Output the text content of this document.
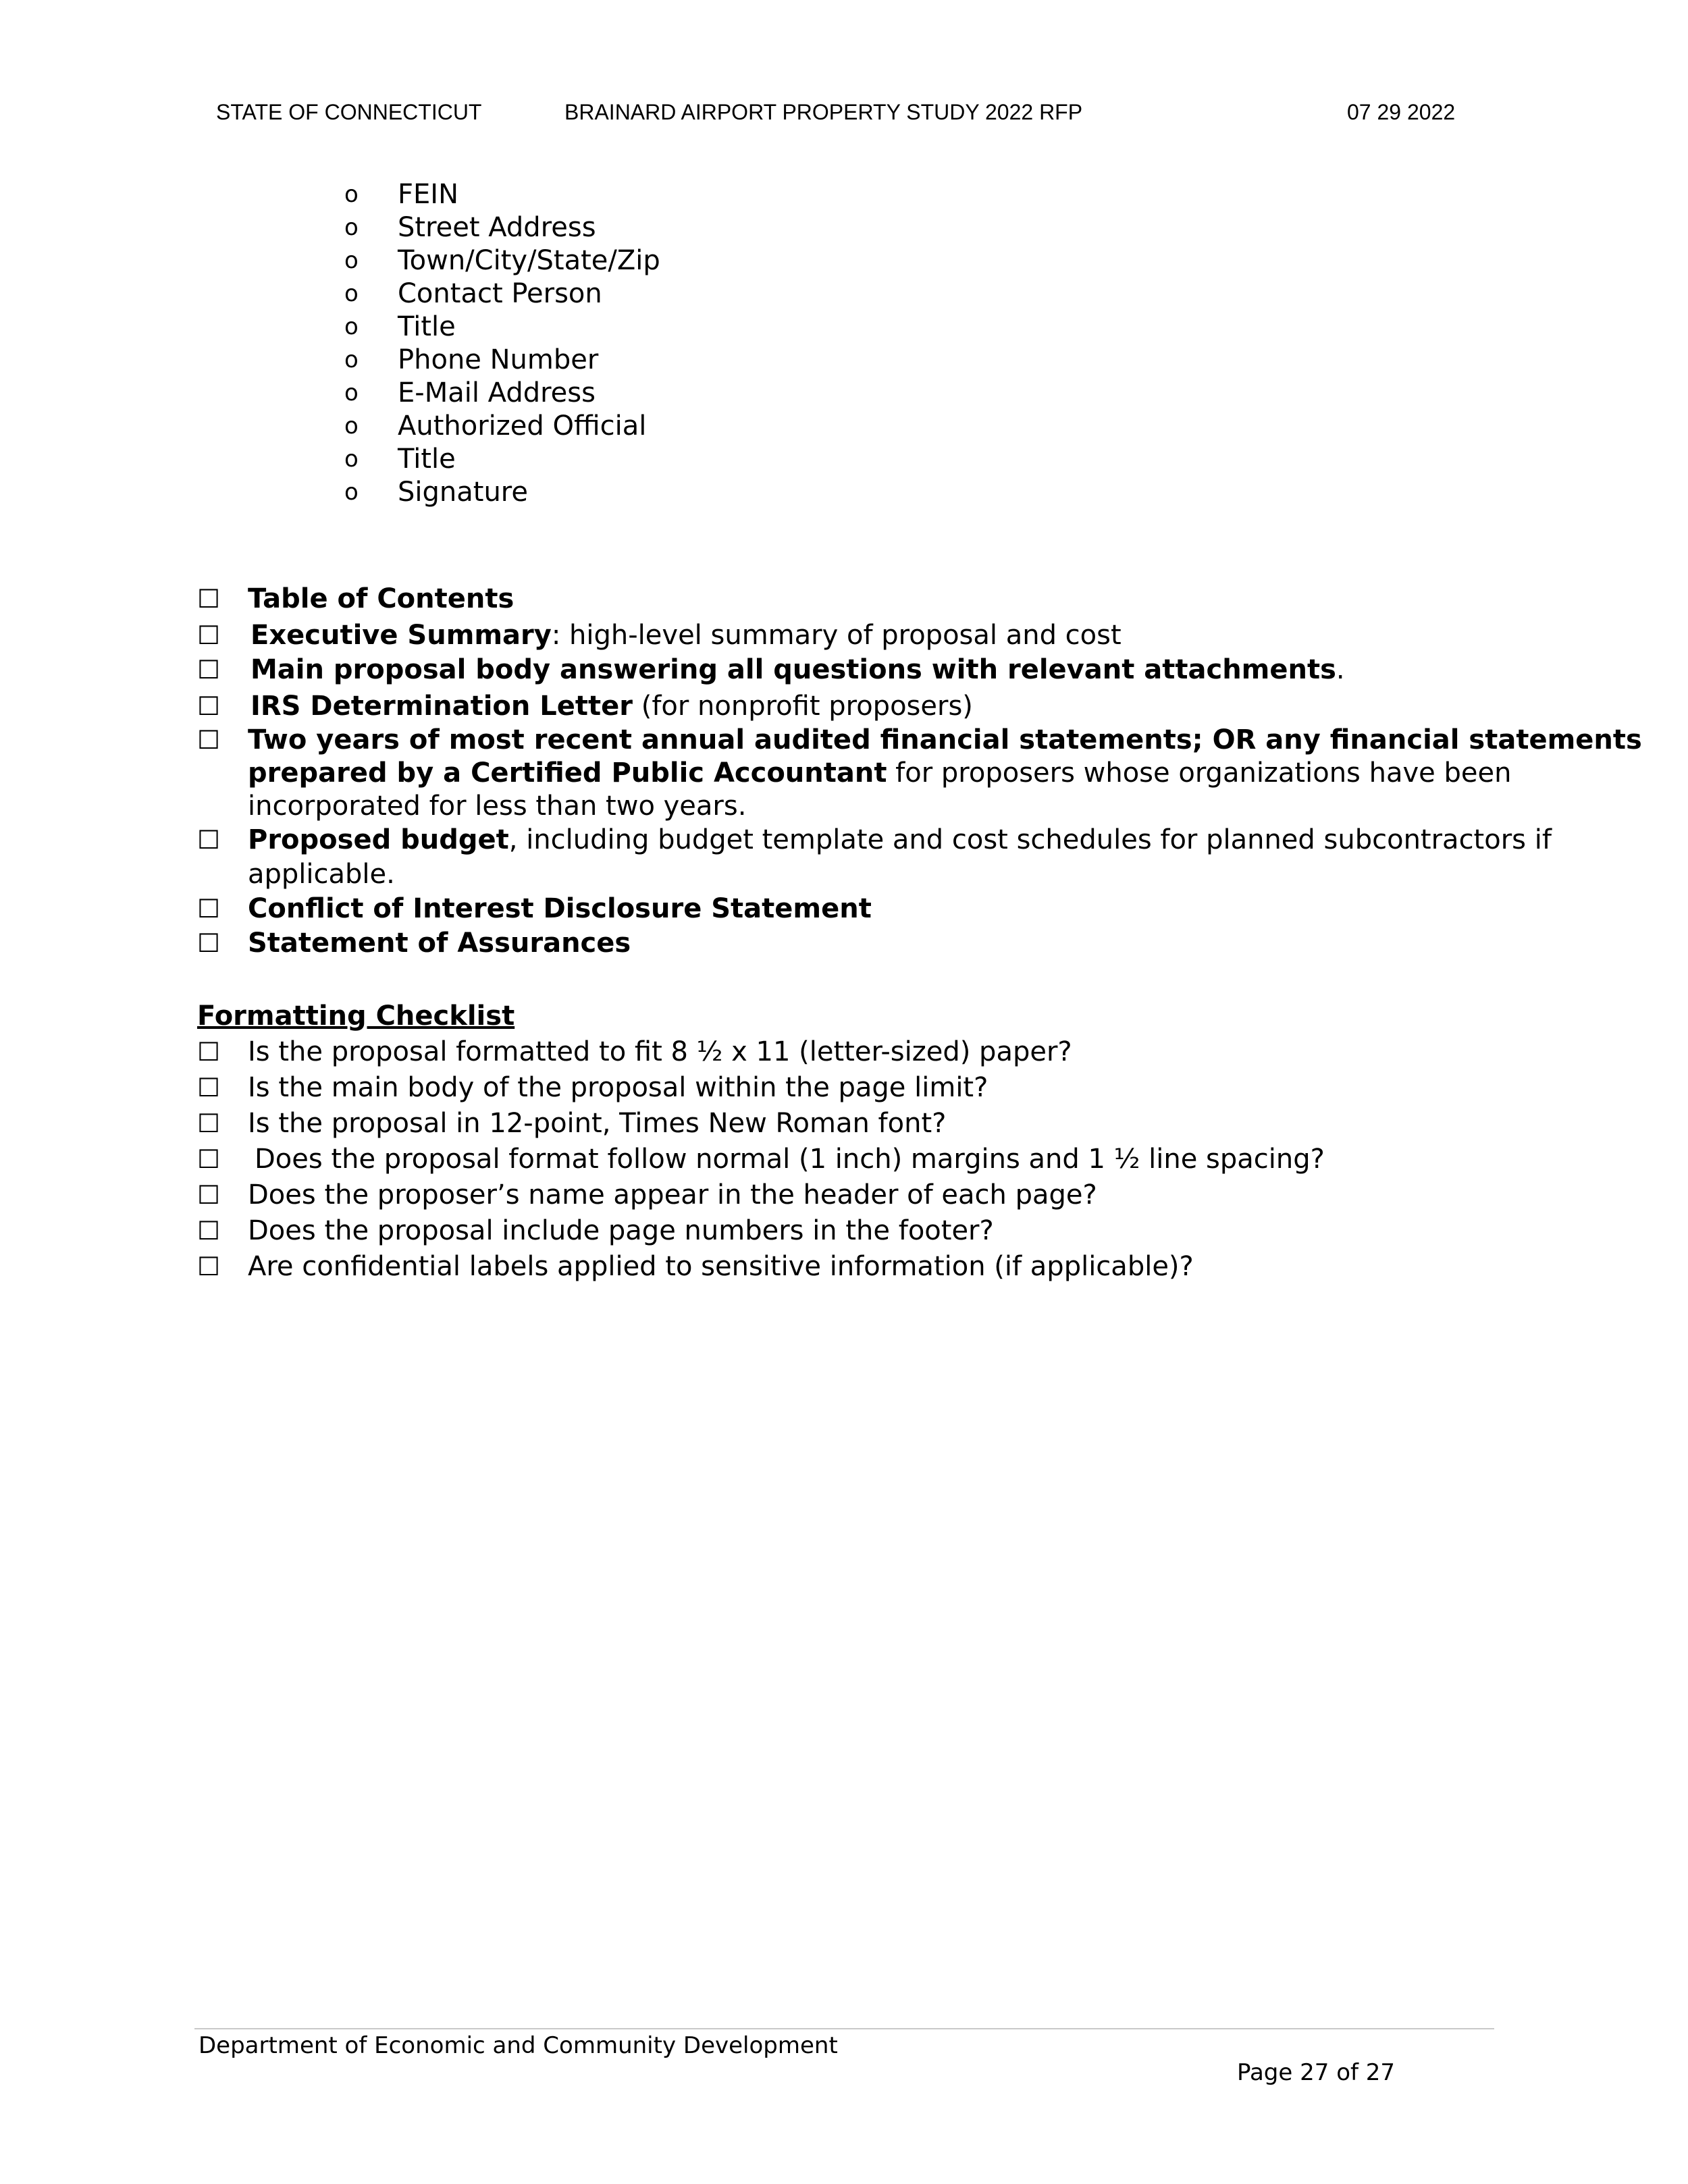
STATE OF CONNECTICUT	BRAINARD AIRPORT PROPERTY STUDY 2022 RFP	07 29 2022
o FEIN
o Street Address
o Town/City/State/Zip
o Contact Person
o Title
o Phone Number
o E-Mail Address
o Authorized Official
o Title
o Signature
☐ Table of Contents
☐ Executive Summary: high-level summary of proposal and cost
☐ Main proposal body answering all questions with relevant attachments.
☐ IRS Determination Letter (for nonprofit proposers)
☐ Two years of most recent annual audited financial statements; OR any financial statements prepared by a Certified Public Accountant for proposers whose organizations have been incorporated for less than two years.
☐ Proposed budget, including budget template and cost schedules for planned subcontractors if applicable.
☐ Conflict of Interest Disclosure Statement
☐ Statement of Assurances
Formatting Checklist
☐ Is the proposal formatted to fit 8 ½ x 11 (letter-sized) paper?
☐ Is the main body of the proposal within the page limit?
☐ Is the proposal in 12-point, Times New Roman font?
☐ Does the proposal format follow normal (1 inch) margins and 1 ½ line spacing?
☐ Does the proposer’s name appear in the header of each page?
☐ Does the proposal include page numbers in the footer?
☐ Are confidential labels applied to sensitive information (if applicable)?
Department of Economic and Community Development
Page 27 of 27
